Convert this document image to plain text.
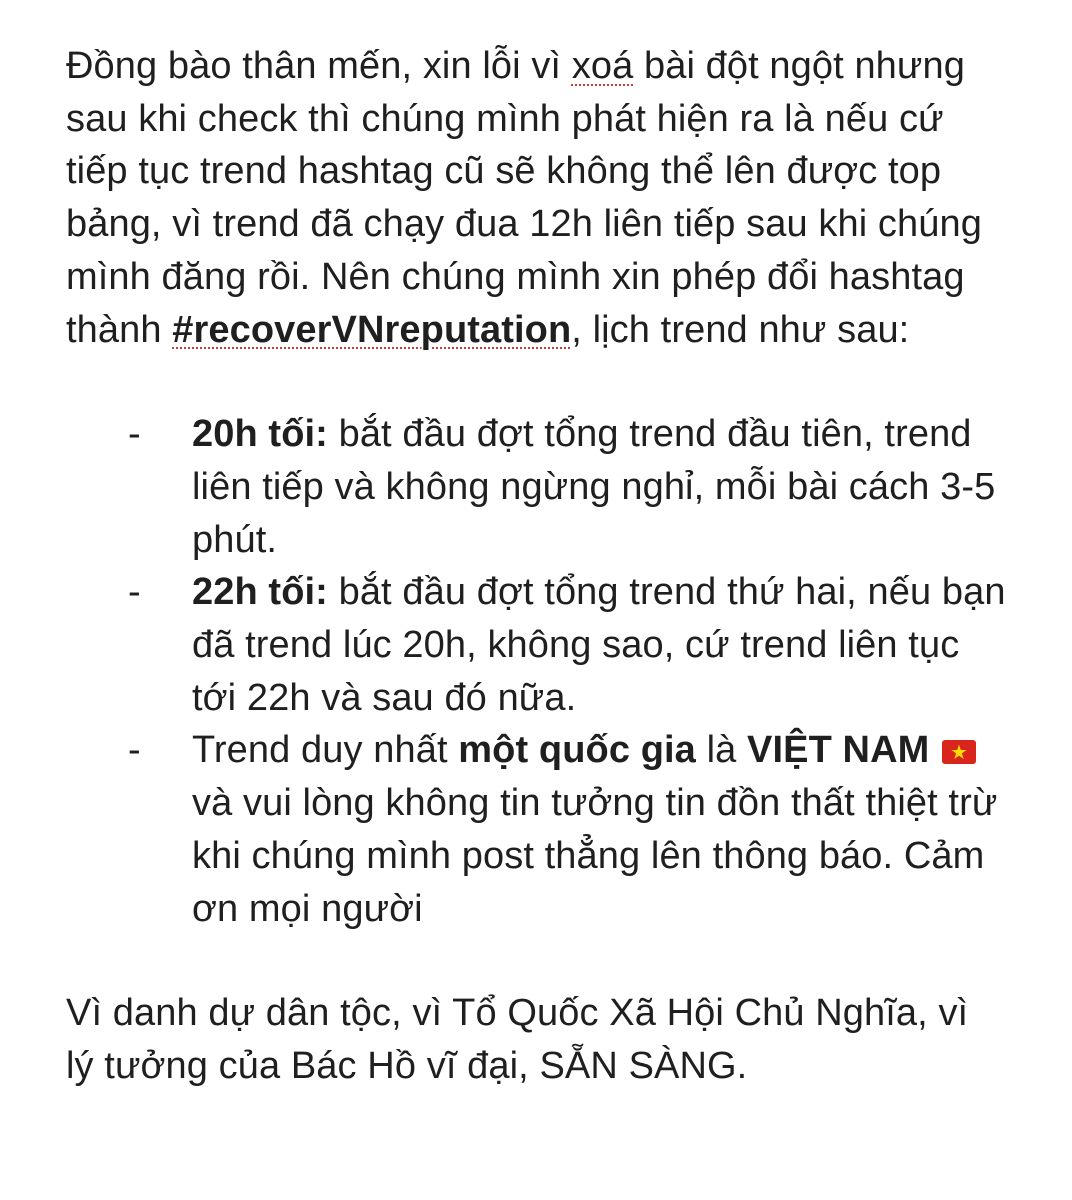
Đồng bào thân mến, xin lỗi vì xoá bài đột ngột nhưng sau khi check thì chúng mình phát hiện ra là nếu cứ tiếp tục trend hashtag cũ sẽ không thể lên được top bảng, vì trend đã chạy đua 12h liên tiếp sau khi chúng mình đăng rồi. Nên chúng mình xin phép đổi hashtag thành #recoverVNreputation, lịch trend như sau:

- 20h tối: bắt đầu đợt tổng trend đầu tiên, trend liên tiếp và không ngừng nghỉ, mỗi bài cách 3-5 phút.
- 22h tối: bắt đầu đợt tổng trend thứ hai, nếu bạn đã trend lúc 20h, không sao, cứ trend liên tục tới 22h và sau đó nữa.
- Trend duy nhất một quốc gia là VIỆT NAM
và vui lòng không tin tưởng tin đồn thất thiệt trừ khi chúng mình post thẳng lên thông báo. Cảm ơn mọi người

Vì danh dự dân tộc, vì Tổ Quốc Xã Hội Chủ Nghĩa, vì lý tưởng của Bác Hồ vĩ đại, SẴN SÀNG.
